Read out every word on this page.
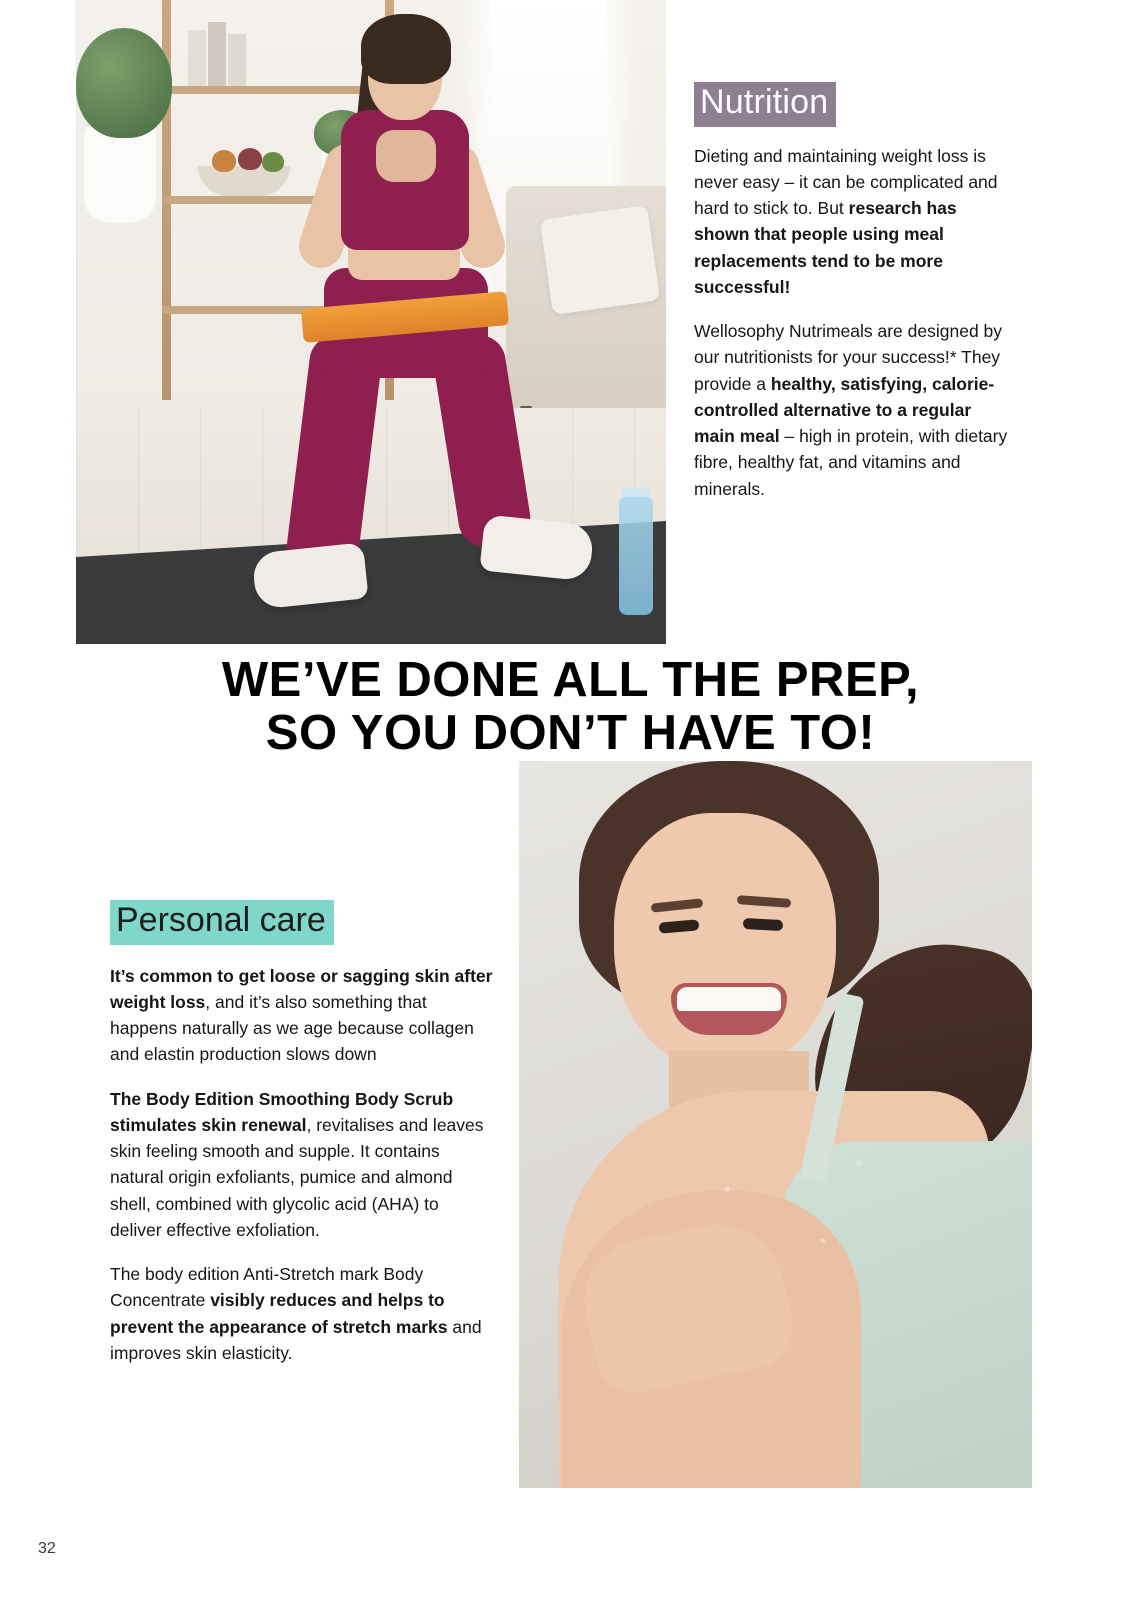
Nutrition

Dieting and maintaining weight loss is never easy – it can be complicated and hard to stick to. But research has shown that people using meal replacements tend to be more successful!

Wellosophy Nutrimeals are designed by our nutritionists for your success!* They provide a healthy, satisfying, calorie-controlled alternative to a regular main meal – high in protein, with dietary fibre, healthy fat, and vitamins and minerals.

WE’VE DONE ALL THE PREP,
SO YOU DON’T HAVE TO!
Personal care

It’s common to get loose or sagging skin after weight loss, and it’s also something that happens naturally as we age because collagen and elastin production slows down

The Body Edition Smoothing Body Scrub stimulates skin renewal, revitalises and leaves skin feeling smooth and supple. It contains natural origin exfoliants, pumice and almond shell, combined with glycolic acid (AHA) to deliver effective exfoliation.

The body edition Anti-Stretch mark Body Concentrate visibly reduces and helps to prevent the appearance of stretch marks and improves skin elasticity.

32
